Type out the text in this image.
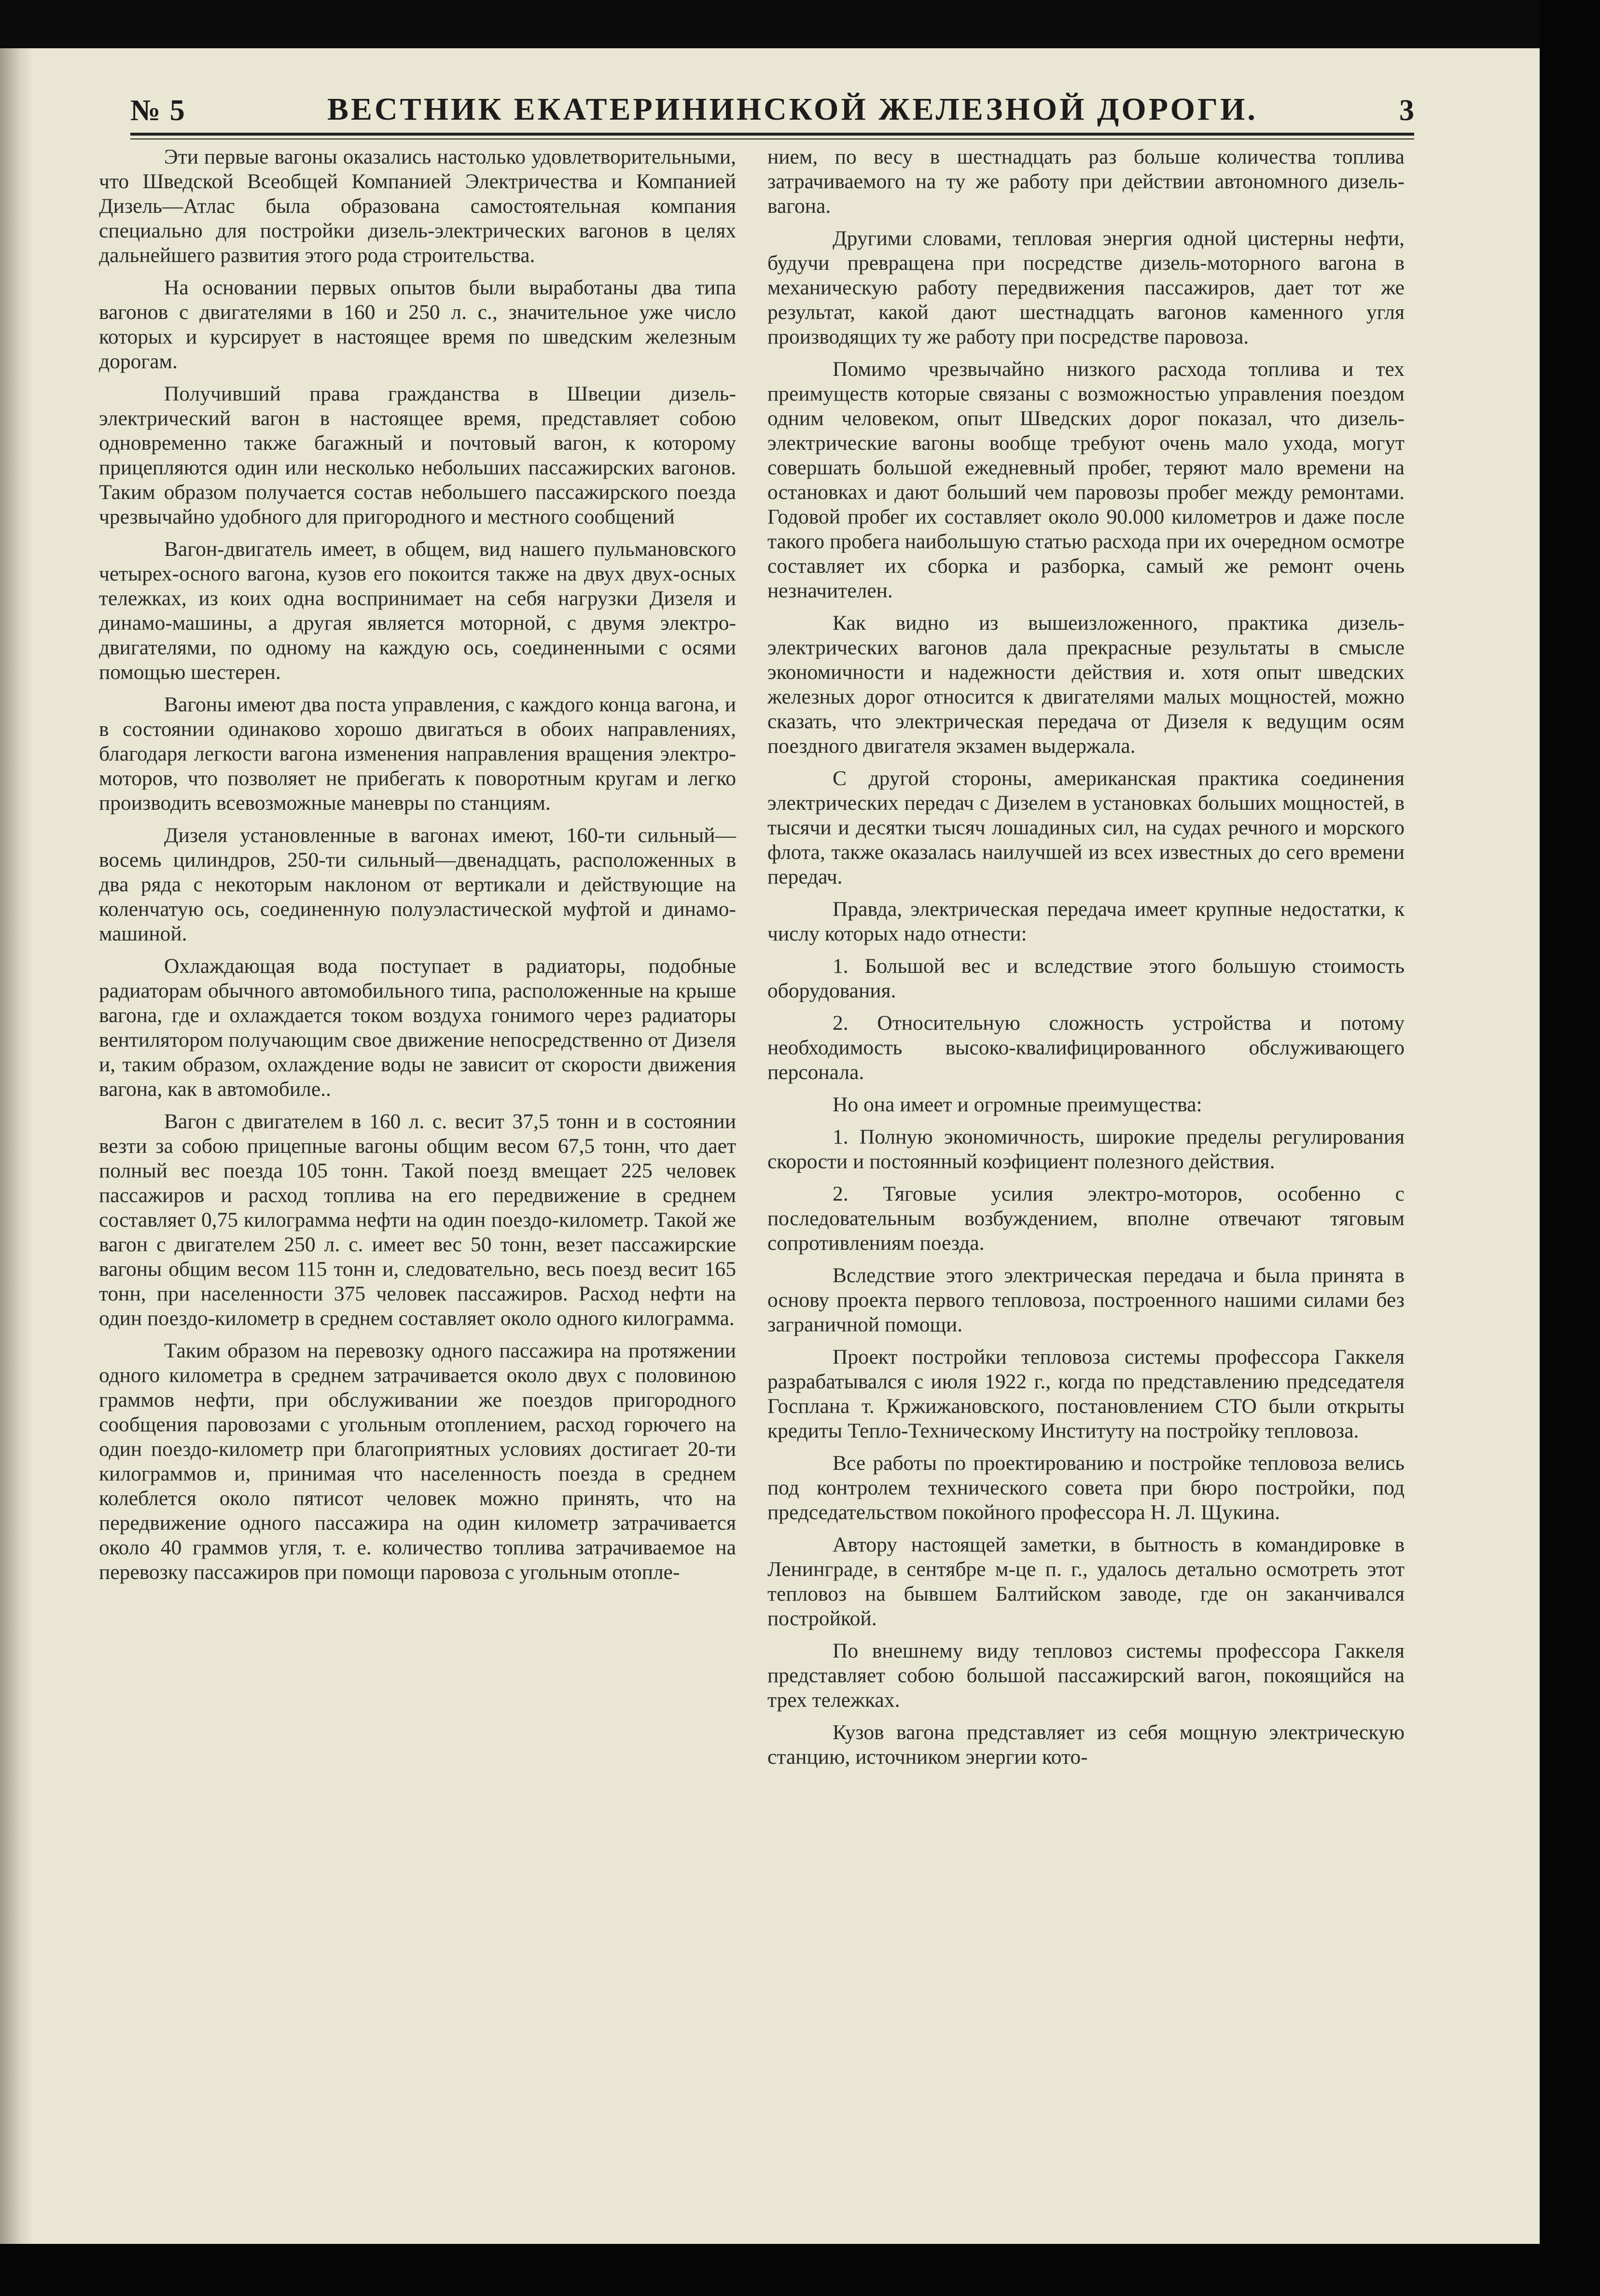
№ 5	ВЕСТНИК ЕКАТЕРИНИНСКОЙ ЖЕЛЕЗНОЙ ДОРОГИ.	3

Эти первые вагоны оказались настолько удовлетворительными, что Шведской Всеобщей Компанией Электричества и Компанией Дизель—Атлас была образована самостоятельная компания специально для постройки дизель-электрических вагонов в целях дальнейшего развития этого рода строительства.

На основании первых опытов были выработаны два типа вагонов с двигателями в 160 и 250 л. с., значительное уже число которых и курсирует в настоящее время по шведским железным дорогам.

Получивший права гражданства в Швеции дизель-электрический вагон в настоящее время, представляет собою одновременно также багажный и почтовый вагон, к которому прицепляются один или несколько небольших пассажирских вагонов. Таким образом получается состав небольшего пассажирского поезда чрезвычайно удобного для пригородного и местного сообщений

Вагон-двигатель имеет, в общем, вид нашего пульмановского четырех-осного вагона, кузов его покоится также на двух двух-осных тележках, из коих одна воспринимает на себя нагрузки Дизеля и динамо-машины, а другая является моторной, с двумя электро-двигателями, по одному на каждую ось, соединенными с осями помощью шестерен.

Вагоны имеют два поста управления, с каждого конца вагона, и в состоянии одинаково хорошо двигаться в обоих направлениях, благодаря легкости вагона изменения направления вращения электро-моторов, что позволяет не прибегать к поворотным кругам и легко производить всевозможные маневры по станциям.

Дизеля установленные в вагонах имеют, 160-ти сильный—восемь цилиндров, 250-ти сильный—двенадцать, расположенных в два ряда с некоторым наклоном от вертикали и действующие на коленчатую ось, соединенную полуэластической муфтой и динамо-машиной.

Охлаждающая вода поступает в радиаторы, подобные радиаторам обычного автомобильного типа, расположенные на крыше вагона, где и охлаждается током воздуха гонимого через радиаторы вентилятором получающим свое движение непосредственно от Дизеля и, таким образом, охлаждение воды не зависит от скорости движения вагона, как в автомобиле..

Вагон с двигателем в 160 л. с. весит 37,5 тонн и в состоянии везти за собою прицепные вагоны общим весом 67,5 тонн, что дает полный вес поезда 105 тонн. Такой поезд вмещает 225 человек пассажиров и расход топлива на его передвижение в среднем составляет 0,75 килограмма нефти на один поездо-километр. Такой же вагон с двигателем 250 л. с. имеет вес 50 тонн, везет пассажирские вагоны общим весом 115 тонн и, следовательно, весь поезд весит 165 тонн, при населенности 375 человек пассажиров. Расход нефти на один поездо-километр в среднем составляет около одного килограмма.

Таким образом на перевозку одного пассажира на протяжении одного километра в среднем затрачивается около двух с половиною граммов нефти, при обслуживании же поездов пригородного сообщения паровозами с угольным отоплением, расход горючего на один поездо-километр при благоприятных условиях достигает 20-ти килограммов и, принимая что населенность поезда в среднем колеблется около пятисот человек можно принять, что на передвижение одного пассажира на один километр затрачивается около 40 граммов угля, т. е. количество топлива затрачиваемое на перевозку пассажиров при помощи паровоза с угольным отопле-

нием, по весу в шестнадцать раз больше количества топлива затрачиваемого на ту же работу при действии автономного дизель-вагона.

Другими словами, тепловая энергия одной цистерны нефти, будучи превращена при посредстве дизель-моторного вагона в механическую работу передвижения пассажиров, дает тот же результат, какой дают шестнадцать вагонов каменного угля производящих ту же работу при посредстве паровоза.

Помимо чрезвычайно низкого расхода топлива и тех преимуществ которые связаны с возможностью управления поездом одним человеком, опыт Шведских дорог показал, что дизель-электрические вагоны вообще требуют очень мало ухода, могут совершать большой ежедневный пробег, теряют мало времени на остановках и дают больший чем паровозы пробег между ремонтами. Годовой пробег их составляет около 90.000 километров и даже после такого пробега наибольшую статью расхода при их очередном осмотре составляет их сборка и разборка, самый же ремонт очень незначителен.

Как видно из вышеизложенного, практика дизель-электрических вагонов дала прекрасные результаты в смысле экономичности и надежности действия и. хотя опыт шведских железных дорог относится к двигателями малых мощностей, можно сказать, что электрическая передача от Дизеля к ведущим осям поездного двигателя экзамен выдержала.

С другой стороны, американская практика соединения электрических передач с Дизелем в установках больших мощностей, в тысячи и десятки тысяч лошадиных сил, на судах речного и морского флота, также оказалась наилучшей из всех известных до сего времени передач.

Правда, электрическая передача имеет крупные недостатки, к числу которых надо отнести:

1. Большой вес и вследствие этого большую стоимость оборудования.

2. Относительную сложность устройства и потому необходимость высоко-квалифицированного обслуживающего персонала.

Но она имеет и огромные преимущества:

1. Полную экономичность, широкие пределы регулирования скорости и постоянный коэфициент полезного действия.

2. Тяговые усилия электро-моторов, особенно с последовательным возбуждением, вполне отвечают тяговым сопротивлениям поезда.

Вследствие этого электрическая передача и была принята в основу проекта первого тепловоза, построенного нашими силами без заграничной помощи.

Проект постройки тепловоза системы профессора Гаккеля разрабатывался с июля 1922 г., когда по представлению председателя Госплана т. Кржижановского, постановлением СТО были открыты кредиты Тепло-Техническому Институту на постройку тепловоза.

Все работы по проектированию и постройке тепловоза велись под контролем технического совета при бюро постройки, под председательством покойного профессора Н. Л. Щукина.

Автору настоящей заметки, в бытность в командировке в Ленинграде, в сентябре м-це п. г., удалось детально осмотреть этот тепловоз на бывшем Балтийском заводе, где он заканчивался постройкой.

По внешнему виду тепловоз системы профессора Гаккеля представляет собою большой пассажирский вагон, покоящийся на трех тележках.

Кузов вагона представляет из себя мощную электрическую станцию, источником энергии кото-
